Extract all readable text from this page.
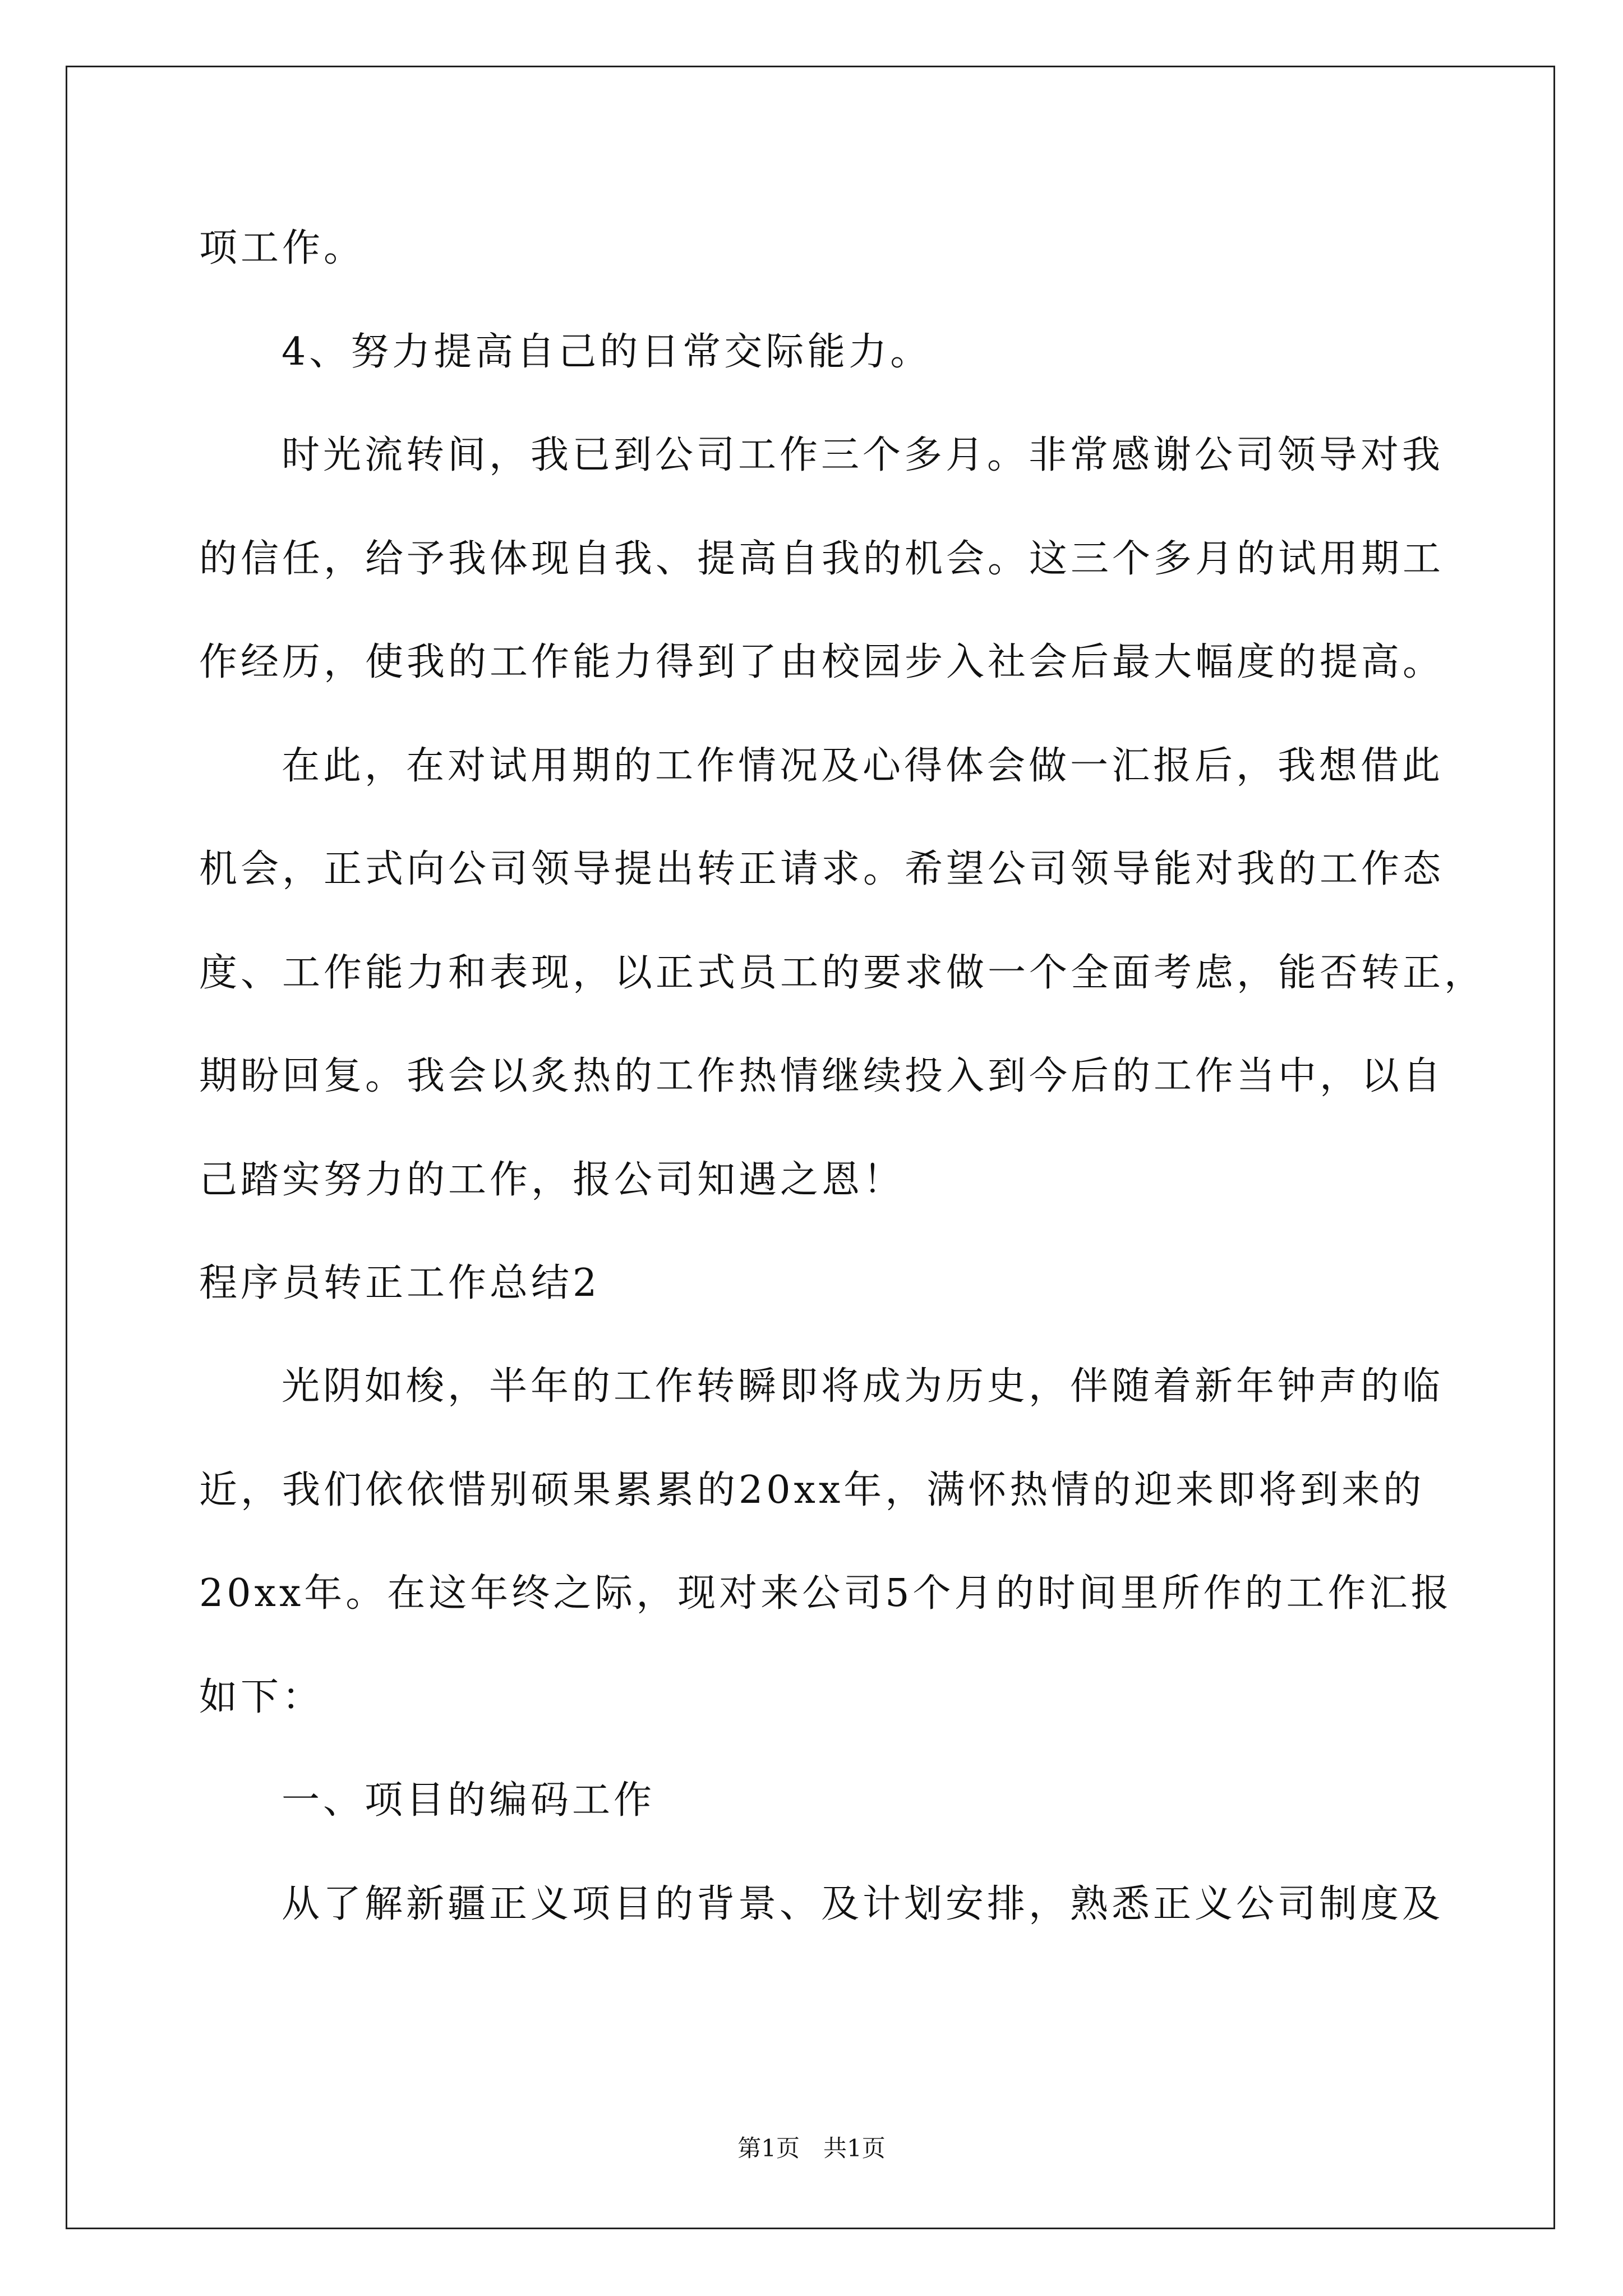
项工作。
4、努力提高自己的日常交际能力。
时光流转间，我已到公司工作三个多月。非常感谢公司领导对我
的信任，给予我体现自我、提高自我的机会。这三个多月的试用期工
作经历，使我的工作能力得到了由校园步入社会后最大幅度的提高。
在此，在对试用期的工作情况及心得体会做一汇报后，我想借此
机会，正式向公司领导提出转正请求。希望公司领导能对我的工作态
度、工作能力和表现，以正式员工的要求做一个全面考虑，能否转正，
期盼回复。我会以炙热的工作热情继续投入到今后的工作当中，以自
己踏实努力的工作，报公司知遇之恩！
程序员转正工作总结2
光阴如梭，半年的工作转瞬即将成为历史，伴随着新年钟声的临
近，我们依依惜别硕果累累的20xx年，满怀热情的迎来即将到来的
20xx年。在这年终之际，现对来公司5个月的时间里所作的工作汇报
如下：
一、项目的编码工作
从了解新疆正义项目的背景、及计划安排，熟悉正义公司制度及
第1页　共1页
